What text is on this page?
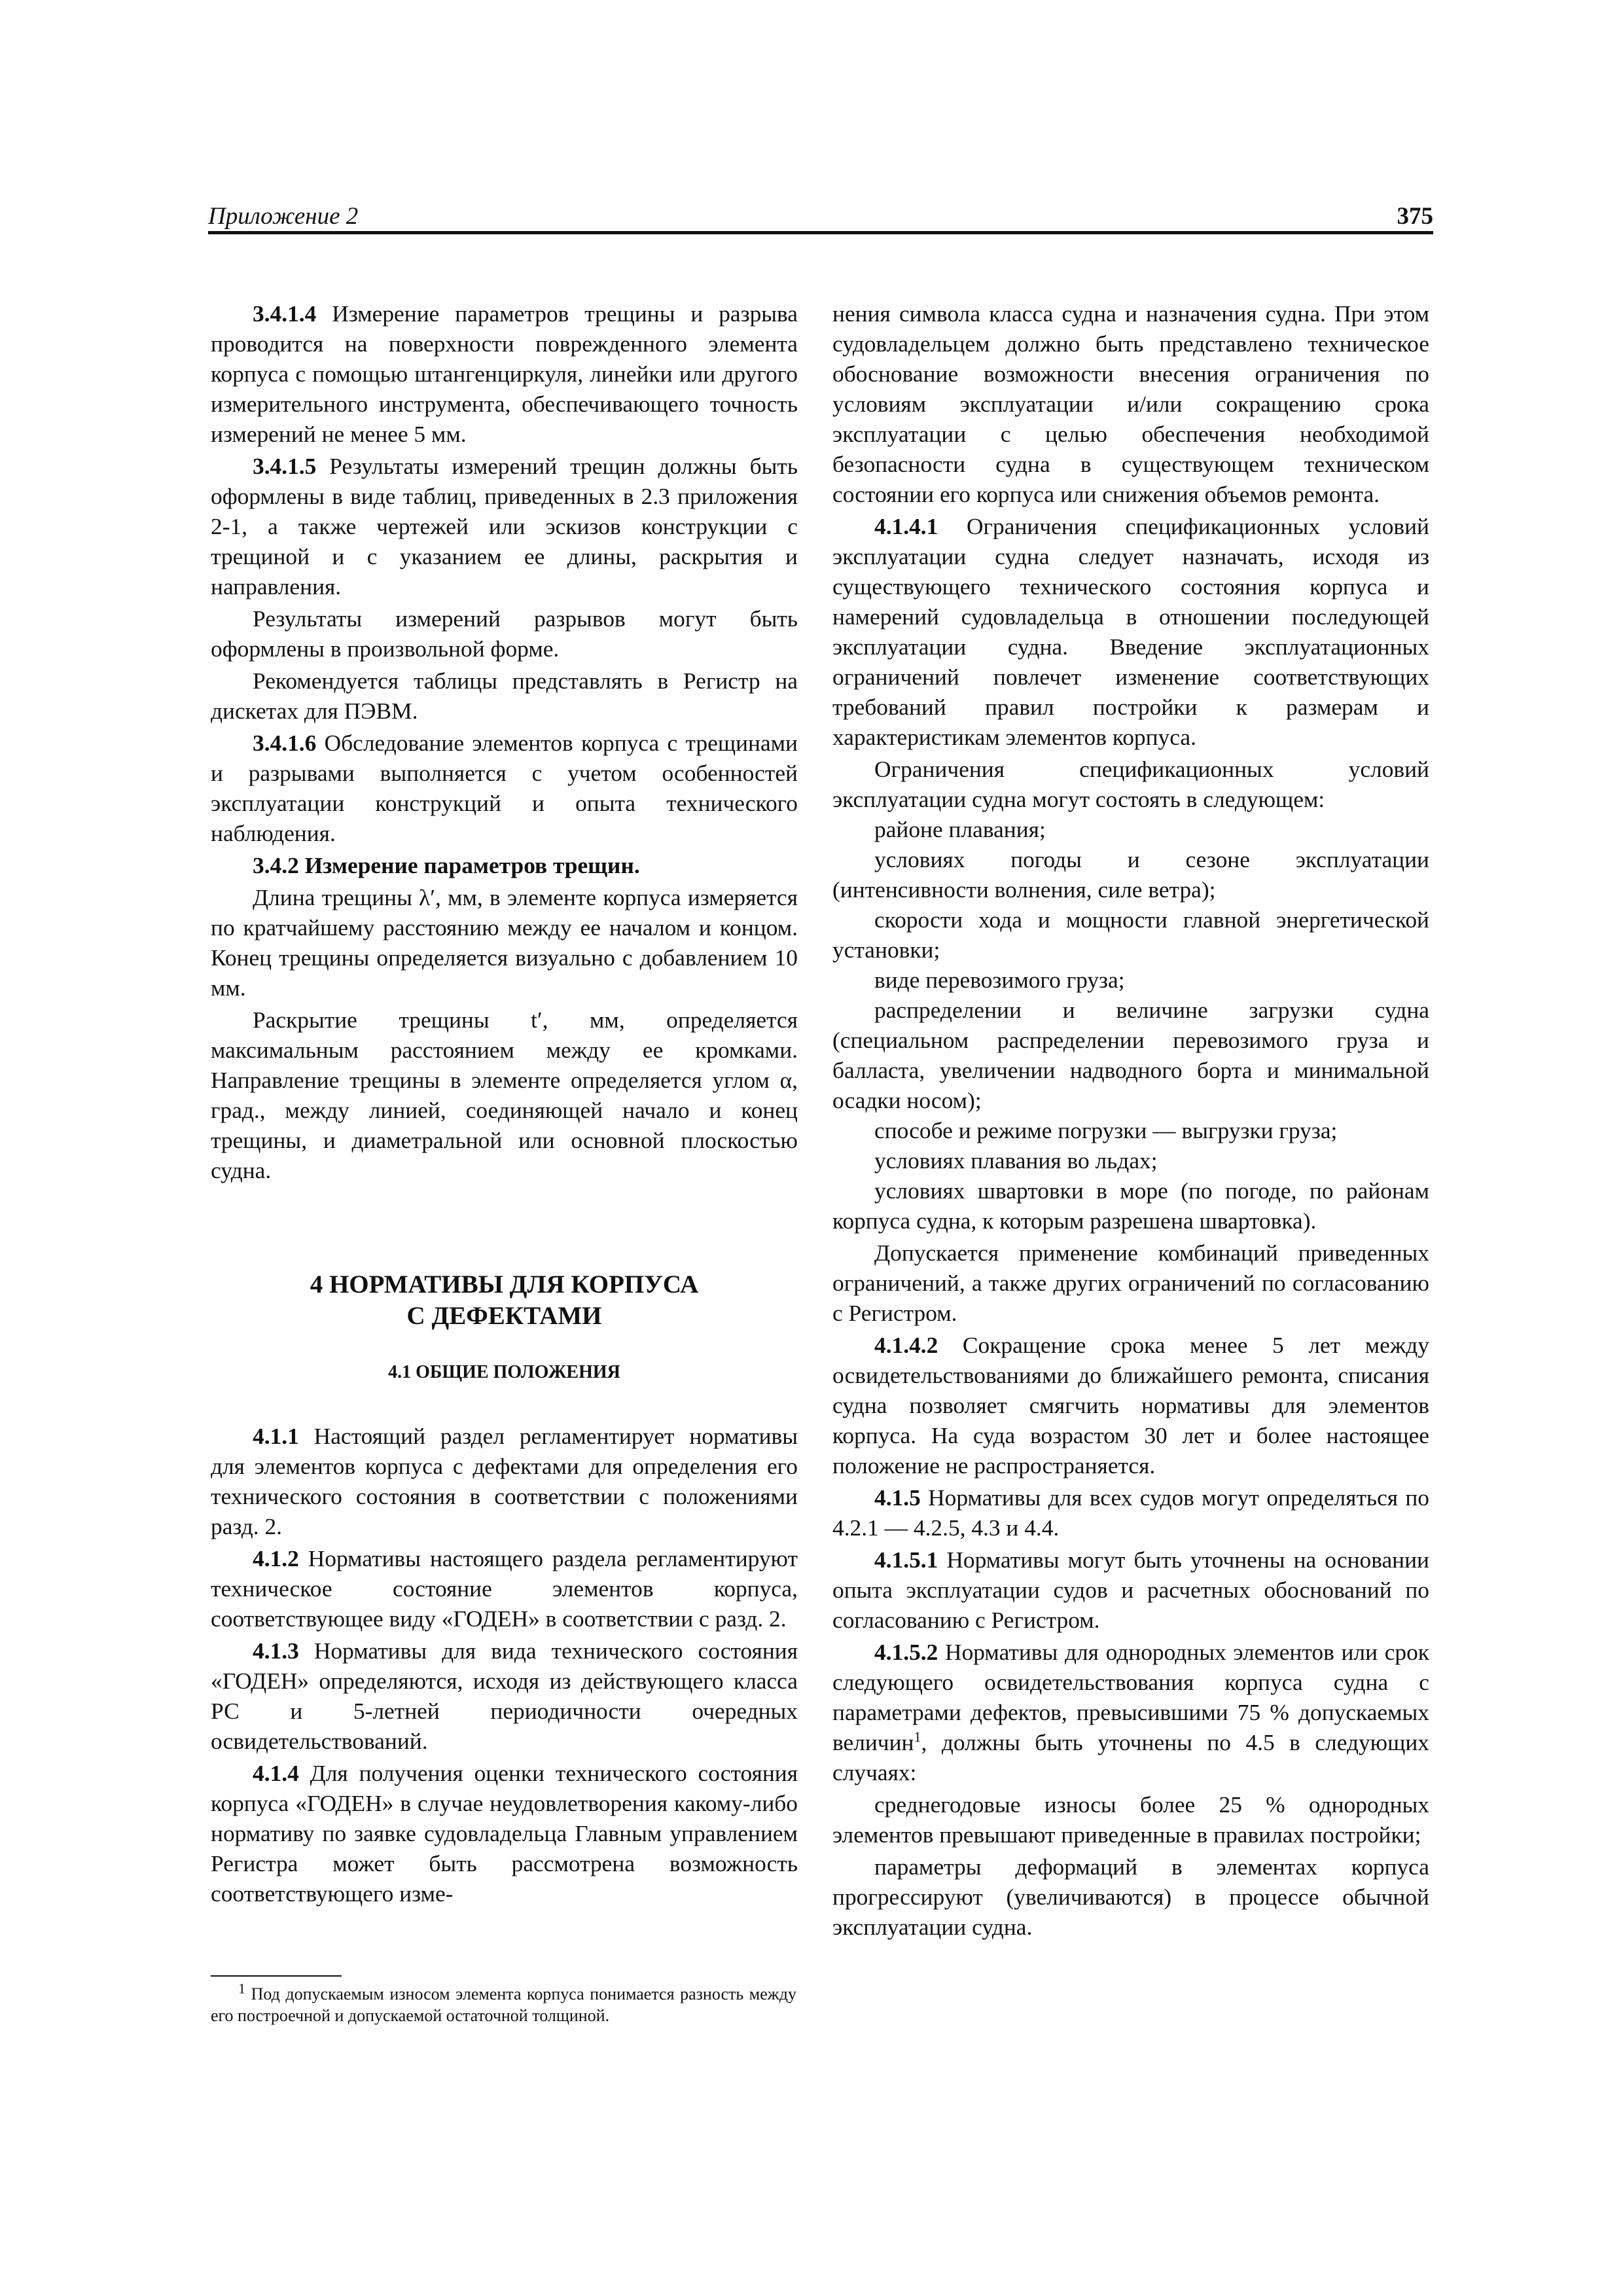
Приложение 2	375

3.4.1.4 Измерение параметров трещины и разрыва проводится на поверхности поврежденного элемента корпуса с помощью штангенциркуля, линейки или другого измерительного инструмента, обеспечивающего точность измерений не менее 5 мм.

3.4.1.5 Результаты измерений трещин должны быть оформлены в виде таблиц, приведенных в 2.3 приложения 2-1, а также чертежей или эскизов конструкции с трещиной и с указанием ее длины, раскрытия и направления.

Результаты измерений разрывов могут быть оформлены в произвольной форме.

Рекомендуется таблицы представлять в Регистр на дискетах для ПЭВМ.

3.4.1.6 Обследование элементов корпуса с трещинами и разрывами выполняется с учетом особенностей эксплуатации конструкций и опыта технического наблюдения.

3.4.2 Измерение параметров трещин.

Длина трещины λ′, мм, в элементе корпуса измеряется по кратчайшему расстоянию между ее началом и концом. Конец трещины определяется визуально с добавлением 10 мм.

Раскрытие трещины t′, мм, определяется максимальным расстоянием между ее кромками. Направление трещины в элементе определяется углом α, град., между линией, соединяющей начало и конец трещины, и диаметральной или основной плоскостью судна.

4 НОРМАТИВЫ ДЛЯ КОРПУСА
С ДЕФЕКТАМИ
4.1 ОБЩИЕ ПОЛОЖЕНИЯ

4.1.1 Настоящий раздел регламентирует нормативы для элементов корпуса с дефектами для определения его технического состояния в соответствии с положениями разд. 2.

4.1.2 Нормативы настоящего раздела регламентируют техническое состояние элементов корпуса, соответствующее виду «ГОДЕН» в соответствии с разд. 2.

4.1.3 Нормативы для вида технического состояния «ГОДЕН» определяются, исходя из действующего класса РС и 5-летней периодичности очередных освидетельствований.

4.1.4 Для получения оценки технического состояния корпуса «ГОДЕН» в случае неудовлетворения какому-либо нормативу по заявке судовладельца Главным управлением Регистра может быть рассмотрена возможность соответствующего изме-

$^1$ Под допускаемым износом элемента корпуса понимается разность между его построечной и допускаемой остаточной толщиной.

нения символа класса судна и назначения судна. При этом судовладельцем должно быть представлено техническое обоснование возможности внесения ограничения по условиям эксплуатации и/или сокращению срока эксплуатации с целью обеспечения необходимой безопасности судна в существующем техническом состоянии его корпуса или снижения объемов ремонта.

4.1.4.1 Ограничения спецификационных условий эксплуатации судна следует назначать, исходя из существующего технического состояния корпуса и намерений судовладельца в отношении последующей эксплуатации судна. Введение эксплуатационных ограничений повлечет изменение соответствующих требований правил постройки к размерам и характеристикам элементов корпуса.

Ограничения спецификационных условий эксплуатации судна могут состоять в следующем:

районе плавания;

условиях погоды и сезоне эксплуатации (интенсивности волнения, силе ветра);

скорости хода и мощности главной энергетической установки;

виде перевозимого груза;

распределении и величине загрузки судна (специальном распределении перевозимого груза и балласта, увеличении надводного борта и минимальной осадки носом);

способе и режиме погрузки — выгрузки груза;

условиях плавания во льдах;

условиях швартовки в море (по погоде, по районам корпуса судна, к которым разрешена швартовка).

Допускается применение комбинаций приведенных ограничений, а также других ограничений по согласованию с Регистром.

4.1.4.2 Сокращение срока менее 5 лет между освидетельствованиями до ближайшего ремонта, списания судна позволяет смягчить нормативы для элементов корпуса. На суда возрастом 30 лет и более настоящее положение не распространяется.

4.1.5 Нормативы для всех судов могут определяться по 4.2.1 — 4.2.5, 4.3 и 4.4.

4.1.5.1 Нормативы могут быть уточнены на основании опыта эксплуатации судов и расчетных обоснований по согласованию с Регистром.

4.1.5.2 Нормативы для однородных элементов или срок следующего освидетельствования корпуса судна с параметрами дефектов, превысившими 75 % допускаемых величин$^1$, должны быть уточнены по 4.5 в следующих случаях:

среднегодовые износы более 25 % однородных элементов превышают приведенные в правилах постройки;

параметры деформаций в элементах корпуса прогрессируют (увеличиваются) в процессе обычной эксплуатации судна.
